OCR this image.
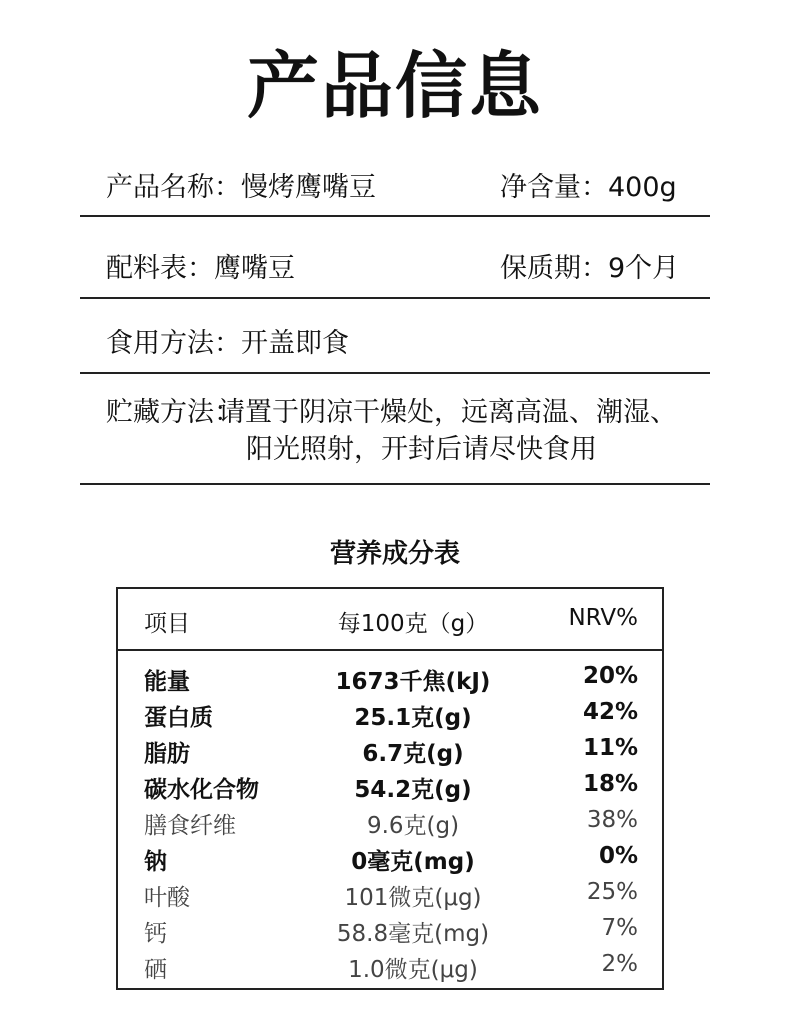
产品信息
产品名称：慢烤鹰嘴豆	净含量：400g
配料表：鹰嘴豆	保质期：9个月
食用方法：开盖即食
贮藏方法：
请置于阴凉干燥处，远离高温、潮湿、
阳光照射，开封后请尽快食用
营养成分表
项目	每100克（g）	NRV%
能量	1673千焦(kJ)	20%
蛋白质	25.1克(g)	42%
脂肪	6.7克(g)	11%
碳水化合物	54.2克(g)	18%
膳食纤维	9.6克(g)	38%
钠	0毫克(mg)	0%
叶酸	101微克(μg)	25%
钙	58.8毫克(mg)	7%
硒	1.0微克(μg)	2%
